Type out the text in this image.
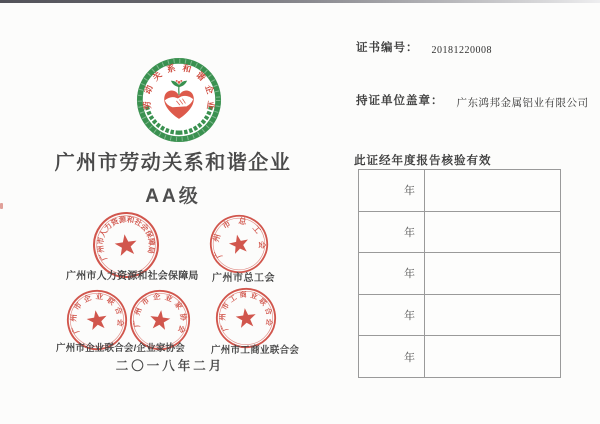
劳动关系和谐企业
广州市劳动关系和谐企业
AA级
广州市人力资源和社会保障局	广州市总工会
广州市企业联合会 广州市企业家协会	广州市工商业联合会
广州市人力资源和社会保障局 广州市总工会
广州市企业联合会/企业家协会	广州市工商业联合会
二〇一八年二月
证书编号： 20181220008
持证单位盖章： 广东鸿邦金属铝业有限公司
此证经年度报告核验有效
年	
年	
年	
年	
年	
